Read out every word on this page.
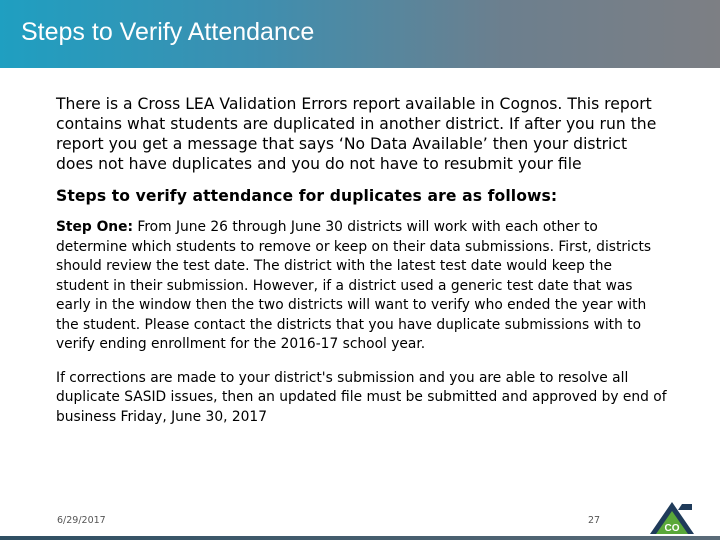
Steps to Verify Attendance

There is a Cross LEA Validation Errors report available in Cognos. This report contains what students are duplicated in another district. If after you run the report you get a message that says ‘No Data Available’ then your district does not have duplicates and you do not have to resubmit your file

Steps to verify attendance for duplicates are as follows:

Step One: From June 26 through June 30 districts will work with each other to determine which students to remove or keep on their data submissions. First, districts should review the test date. The district with the latest test date would keep the student in their submission. However, if a district used a generic test date that was early in the window then the two districts will want to verify who ended the year with the student. Please contact the districts that you have duplicate submissions with to verify ending enrollment for the 2016-17 school year.

If corrections are made to your district's submission and you are able to resolve all duplicate SASID issues, then an updated file must be submitted and approved by end of business Friday, June 30, 2017

6/29/2017	27
CO
